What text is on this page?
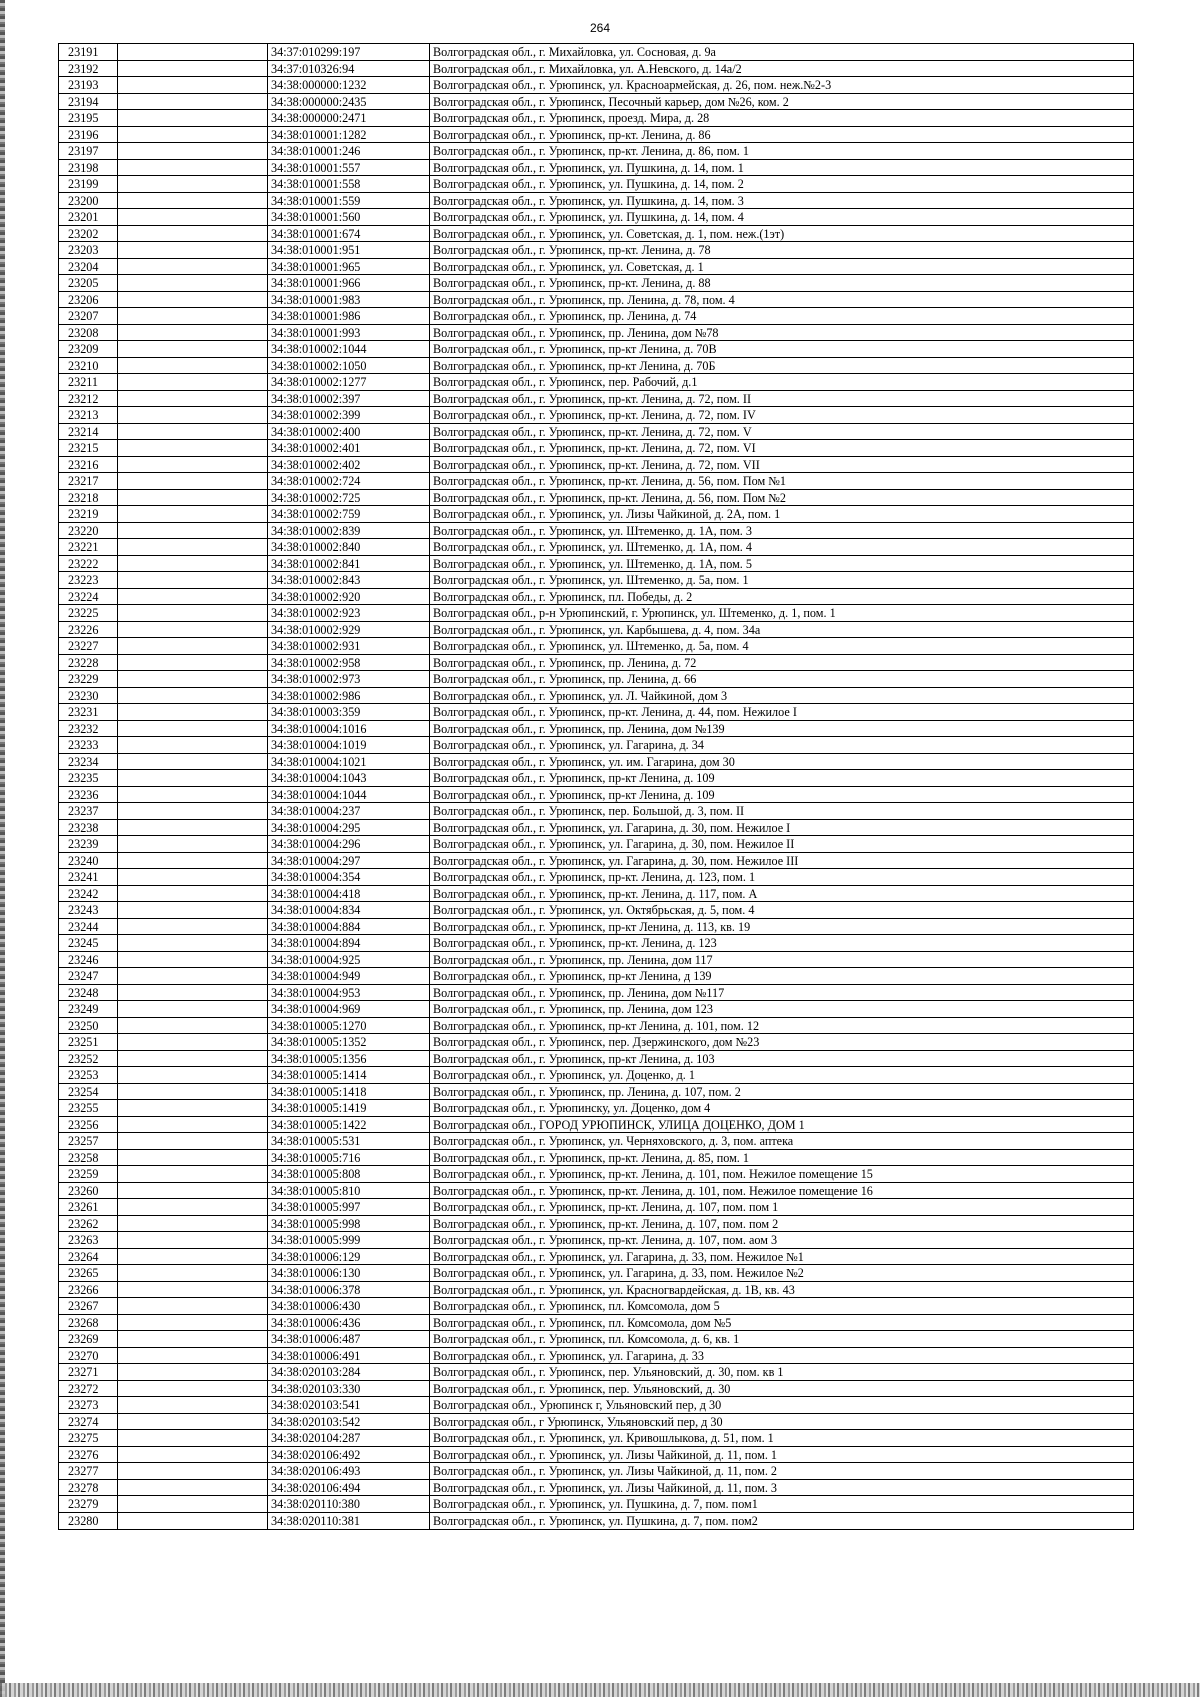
264
23191	34:37:010299:197	Волгоградская обл., г. Михайловка, ул. Сосновая, д. 9а
23192	34:37:010326:94	Волгоградская обл., г. Михайловка, ул. А.Невского, д. 14а/2
23193	34:38:000000:1232	Волгоградская обл., г. Урюпинск, ул. Красноармейская, д. 26, пом. неж.№2-3
23194	34:38:000000:2435	Волгоградская обл., г. Урюпинск, Песочный карьер, дом №26, ком. 2
23195	34:38:000000:2471	Волгоградская обл., г. Урюпинск, проезд. Мира, д. 28
23196	34:38:010001:1282	Волгоградская обл., г. Урюпинск, пр-кт. Ленина, д. 86
23197	34:38:010001:246	Волгоградская обл., г. Урюпинск, пр-кт. Ленина, д. 86, пом. 1
23198	34:38:010001:557	Волгоградская обл., г. Урюпинск, ул. Пушкина, д. 14, пом. 1
23199	34:38:010001:558	Волгоградская обл., г. Урюпинск, ул. Пушкина, д. 14, пом. 2
23200	34:38:010001:559	Волгоградская обл., г. Урюпинск, ул. Пушкина, д. 14, пом. 3
23201	34:38:010001:560	Волгоградская обл., г. Урюпинск, ул. Пушкина, д. 14, пом. 4
23202	34:38:010001:674	Волгоградская обл., г. Урюпинск, ул. Советская, д. 1, пом. неж.(1эт)
23203	34:38:010001:951	Волгоградская обл., г. Урюпинск, пр-кт. Ленина, д. 78
23204	34:38:010001:965	Волгоградская обл., г. Урюпинск, ул. Советская, д. 1
23205	34:38:010001:966	Волгоградская обл., г. Урюпинск, пр-кт. Ленина, д. 88
23206	34:38:010001:983	Волгоградская обл., г. Урюпинск, пр. Ленина, д. 78, пом. 4
23207	34:38:010001:986	Волгоградская обл., г. Урюпинск, пр. Ленина, д. 74
23208	34:38:010001:993	Волгоградская обл., г. Урюпинск, пр. Ленина, дом №78
23209	34:38:010002:1044	Волгоградская обл., г. Урюпинск, пр-кт Ленина, д. 70В
23210	34:38:010002:1050	Волгоградская обл., г. Урюпинск, пр-кт Ленина, д. 70Б
23211	34:38:010002:1277	Волгоградская обл., г. Урюпинск, пер. Рабочий, д.1
23212	34:38:010002:397	Волгоградская обл., г. Урюпинск, пр-кт. Ленина, д. 72, пом. II
23213	34:38:010002:399	Волгоградская обл., г. Урюпинск, пр-кт. Ленина, д. 72, пом. IV
23214	34:38:010002:400	Волгоградская обл., г. Урюпинск, пр-кт. Ленина, д. 72, пом. V
23215	34:38:010002:401	Волгоградская обл., г. Урюпинск, пр-кт. Ленина, д. 72, пом. VI
23216	34:38:010002:402	Волгоградская обл., г. Урюпинск, пр-кт. Ленина, д. 72, пом. VII
23217	34:38:010002:724	Волгоградская обл., г. Урюпинск, пр-кт. Ленина, д. 56, пом. Пом №1
23218	34:38:010002:725	Волгоградская обл., г. Урюпинск, пр-кт. Ленина, д. 56, пом. Пом №2
23219	34:38:010002:759	Волгоградская обл., г. Урюпинск, ул. Лизы Чайкиной, д. 2А, пом. 1
23220	34:38:010002:839	Волгоградская обл., г. Урюпинск, ул. Штеменко, д. 1А, пом. 3
23221	34:38:010002:840	Волгоградская обл., г. Урюпинск, ул. Штеменко, д. 1А, пом. 4
23222	34:38:010002:841	Волгоградская обл., г. Урюпинск, ул. Штеменко, д. 1А, пом. 5
23223	34:38:010002:843	Волгоградская обл., г. Урюпинск, ул. Штеменко, д. 5а, пом. 1
23224	34:38:010002:920	Волгоградская обл., г. Урюпинск, пл. Победы, д. 2
23225	34:38:010002:923	Волгоградская обл., р-н Урюпинский, г. Урюпинск, ул. Штеменко, д. 1, пом. 1
23226	34:38:010002:929	Волгоградская обл., г. Урюпинск, ул. Карбышева, д. 4, пом. 34а
23227	34:38:010002:931	Волгоградская обл., г. Урюпинск, ул. Штеменко, д. 5а, пом. 4
23228	34:38:010002:958	Волгоградская обл., г. Урюпинск, пр. Ленина, д. 72
23229	34:38:010002:973	Волгоградская обл., г. Урюпинск, пр. Ленина, д. 66
23230	34:38:010002:986	Волгоградская обл., г. Урюпинск, ул. Л. Чайкиной, дом 3
23231	34:38:010003:359	Волгоградская обл., г. Урюпинск, пр-кт. Ленина, д. 44, пом. Нежилое I
23232	34:38:010004:1016	Волгоградская обл., г. Урюпинск, пр. Ленина, дом №139
23233	34:38:010004:1019	Волгоградская обл., г. Урюпинск, ул. Гагарина, д. 34
23234	34:38:010004:1021	Волгоградская обл., г. Урюпинск, ул. им. Гагарина, дом 30
23235	34:38:010004:1043	Волгоградская обл., г. Урюпинск, пр-кт Ленина, д. 109
23236	34:38:010004:1044	Волгоградская обл., г. Урюпинск, пр-кт Ленина, д. 109
23237	34:38:010004:237	Волгоградская обл., г. Урюпинск, пер. Большой, д. 3, пом. II
23238	34:38:010004:295	Волгоградская обл., г. Урюпинск, ул. Гагарина, д. 30, пом. Нежилое I
23239	34:38:010004:296	Волгоградская обл., г. Урюпинск, ул. Гагарина, д. 30, пом. Нежилое II
23240	34:38:010004:297	Волгоградская обл., г. Урюпинск, ул. Гагарина, д. 30, пом. Нежилое III
23241	34:38:010004:354	Волгоградская обл., г. Урюпинск, пр-кт. Ленина, д. 123, пом. 1
23242	34:38:010004:418	Волгоградская обл., г. Урюпинск, пр-кт. Ленина, д. 117, пом. А
23243	34:38:010004:834	Волгоградская обл., г. Урюпинск, ул. Октябрьская, д. 5, пом. 4
23244	34:38:010004:884	Волгоградская обл., г. Урюпинск, пр-кт Ленина, д. 113, кв. 19
23245	34:38:010004:894	Волгоградская обл., г. Урюпинск, пр-кт. Ленина, д. 123
23246	34:38:010004:925	Волгоградская обл., г. Урюпинск, пр. Ленина, дом 117
23247	34:38:010004:949	Волгоградская обл., г. Урюпинск, пр-кт Ленина, д 139
23248	34:38:010004:953	Волгоградская обл., г. Урюпинск, пр. Ленина, дом №117
23249	34:38:010004:969	Волгоградская обл., г. Урюпинск, пр. Ленина, дом 123
23250	34:38:010005:1270	Волгоградская обл., г. Урюпинск, пр-кт Ленина, д. 101, пом. 12
23251	34:38:010005:1352	Волгоградская обл., г. Урюпинск, пер. Дзержинского, дом №23
23252	34:38:010005:1356	Волгоградская обл., г. Урюпинск, пр-кт Ленина, д. 103
23253	34:38:010005:1414	Волгоградская обл., г. Урюпинск, ул. Доценко, д. 1
23254	34:38:010005:1418	Волгоградская обл., г. Урюпинск, пр. Ленина, д. 107, пом. 2
23255	34:38:010005:1419	Волгоградская обл., г. Урюпинску, ул. Доценко, дом 4
23256	34:38:010005:1422	Волгоградская обл., ГОРОД УРЮПИНСК, УЛИЦА ДОЦЕНКО, ДОМ 1
23257	34:38:010005:531	Волгоградская обл., г. Урюпинск, ул. Черняховского, д. 3, пом. аптека
23258	34:38:010005:716	Волгоградская обл., г. Урюпинск, пр-кт. Ленина, д. 85, пом. 1
23259	34:38:010005:808	Волгоградская обл., г. Урюпинск, пр-кт. Ленина, д. 101, пом. Нежилое помещение 15
23260	34:38:010005:810	Волгоградская обл., г. Урюпинск, пр-кт. Ленина, д. 101, пом. Нежилое помещение 16
23261	34:38:010005:997	Волгоградская обл., г. Урюпинск, пр-кт. Ленина, д. 107, пом. пом 1
23262	34:38:010005:998	Волгоградская обл., г. Урюпинск, пр-кт. Ленина, д. 107, пом. пом 2
23263	34:38:010005:999	Волгоградская обл., г. Урюпинск, пр-кт. Ленина, д. 107, пом. аом 3
23264	34:38:010006:129	Волгоградская обл., г. Урюпинск, ул. Гагарина, д. 33, пом. Нежилое №1
23265	34:38:010006:130	Волгоградская обл., г. Урюпинск, ул. Гагарина, д. 33, пом. Нежилое №2
23266	34:38:010006:378	Волгоградская обл., г. Урюпинск, ул. Красногвардейская, д. 1В, кв. 43
23267	34:38:010006:430	Волгоградская обл., г. Урюпинск, пл. Комсомола, дом 5
23268	34:38:010006:436	Волгоградская обл., г. Урюпинск, пл. Комсомола, дом №5
23269	34:38:010006:487	Волгоградская обл., г. Урюпинск, пл. Комсомола, д. 6, кв. 1
23270	34:38:010006:491	Волгоградская обл., г. Урюпинск, ул. Гагарина, д. 33
23271	34:38:020103:284	Волгоградская обл., г. Урюпинск, пер. Ульяновский, д. 30, пом. кв 1
23272	34:38:020103:330	Волгоградская обл., г. Урюпинск, пер. Ульяновский, д. 30
23273	34:38:020103:541	Волгоградская обл., Урюпинск г, Ульяновский пер, д 30
23274	34:38:020103:542	Волгоградская обл., г Урюпинск, Ульяновский пер, д 30
23275	34:38:020104:287	Волгоградская обл., г. Урюпинск, ул. Кривошлыкова, д. 51, пом. 1
23276	34:38:020106:492	Волгоградская обл., г. Урюпинск, ул. Лизы Чайкиной, д. 11, пом. 1
23277	34:38:020106:493	Волгоградская обл., г. Урюпинск, ул. Лизы Чайкиной, д. 11, пом. 2
23278	34:38:020106:494	Волгоградская обл., г. Урюпинск, ул. Лизы Чайкиной, д. 11, пом. 3
23279	34:38:020110:380	Волгоградская обл., г. Урюпинск, ул. Пушкина, д. 7, пом. пом1
23280	34:38:020110:381	Волгоградская обл., г. Урюпинск, ул. Пушкина, д. 7, пом. пом2
